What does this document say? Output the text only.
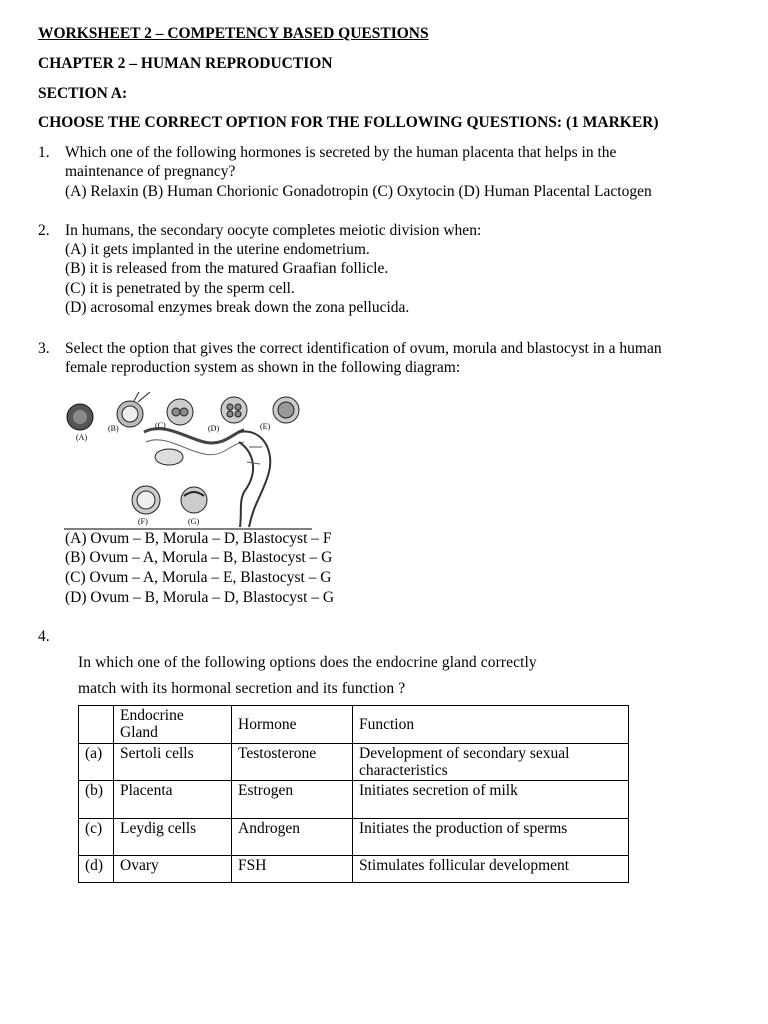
WORKSHEET 2 – COMPETENCY BASED QUESTIONS
CHAPTER 2 – HUMAN REPRODUCTION
SECTION A:
CHOOSE THE CORRECT OPTION FOR THE FOLLOWING QUESTIONS: (1 MARKER)
1. Which one of the following hormones is secreted by the human placenta that helps in the
maintenance of pregnancy?
(A) Relaxin (B) Human Chorionic Gonadotropin (C) Oxytocin (D) Human Placental Lactogen
2. In humans, the secondary oocyte completes meiotic division when:
(A) it gets implanted in the uterine endometrium.
(B) it is released from the matured Graafian follicle.
(C) it is penetrated by the sperm cell.
(D) acrosomal enzymes break down the zona pellucida.
3. Select the option that gives the correct identification of ovum, morula and blastocyst in a human
female reproduction system as shown in the following diagram:
(A)
(B)	(C)	(D)	(E)
(F)	(G)
(A) Ovum – B, Morula – D, Blastocyst – F
(B) Ovum – A, Morula – B, Blastocyst – G
(C) Ovum – A, Morula – E, Blastocyst – G
(D) Ovum – B, Morula – D, Blastocyst – G
4.
In which one of the following options does the endocrine gland correctly
match with its hormonal secretion and its function ?
	Endocrine Gland	Hormone	Function
(a)	Sertoli cells	Testosterone	Development of secondary sexual characteristics
(b)	Placenta	Estrogen	Initiates secretion of milk
(c)	Leydig cells	Androgen	Initiates the production of sperms
(d)	Ovary	FSH	Stimulates follicular development
